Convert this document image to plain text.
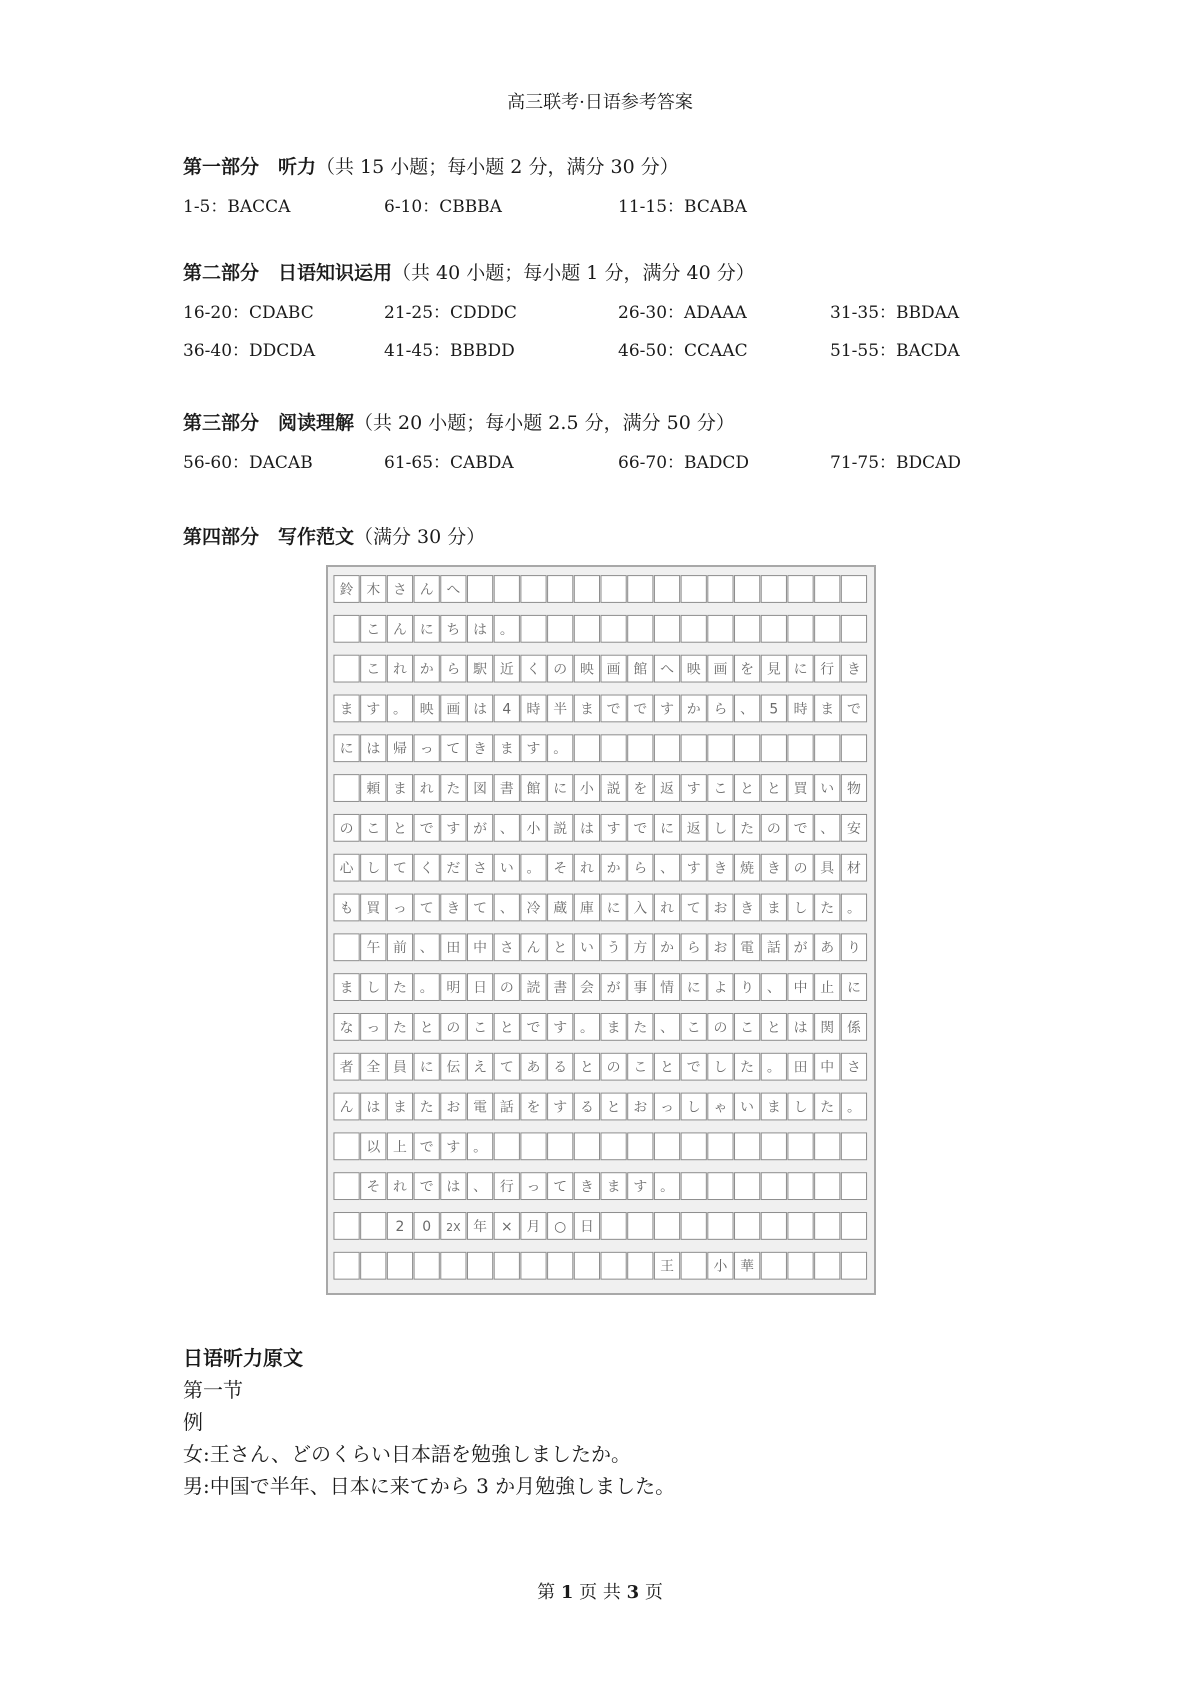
高三联考·日语参考答案
第一部分　听力（共 15 小题；每小题 2 分，满分 30 分）
1-5：BACCA	6-10：CBBBA	11-15：BCABA
第二部分　日语知识运用（共 40 小题；每小题 1 分，满分 40 分）
16-20：CDABC	21-25：CDDDC	26-30：ADAAA	31-35：BBDAA
36-40：DDCDA	41-45：BBBDD	46-50：CCAAC	51-55：BACDA
第三部分　阅读理解（共 20 小题；每小题 2.5 分，满分 50 分）
56-60：DACAB	61-65：CABDA	66-70：BADCD	71-75：BDCAD
第四部分　写作范文（满分 30 分）
鈴 木 さ ん へ
こ ん に ち は 。
こ れ か ら 駅 近 く の 映 画 館 へ 映 画 を 見 に 行 き
ま す 。 映 画 は 4 時 半 ま で で す か ら 、 5 時 ま で
に は 帰 っ て き ま す 。
頼 ま れ た 図 書 館 に 小 説 を 返 す こ と と 買 い 物
の こ と で す が 、 小 説 は す で に 返 し た の で 、 安
心 し て く だ さ い 。 そ れ か ら 、 す き 焼 き の 具 材
も 買 っ て き て 、 冷 蔵 庫 に 入 れ て お き ま し た 。
午 前 、 田 中 さ ん と い う 方 か ら お 電 話 が あ り
ま し た 。 明 日 の 読 書 会 が 事 情 に よ り 、 中 止 に
な っ た と の こ と で す 。 ま た 、 こ の こ と は 関 係
者 全 員 に 伝 え て あ る と の こ と で し た 。 田 中 さ
ん は ま た お 電 話 を す る と お っ し ゃ い ま し た 。
以 上 で す 。
そ れ で は 、 行 っ て き ま す 。
2 0 2X 年 × 月 ○ 日
王	小 華
日语听力原文
第一节
例
女:王さん、どのくらい日本語を勉強しましたか。
男:中国で半年、日本に来てから 3 か月勉強しました。
第 1 页 共 3 页
